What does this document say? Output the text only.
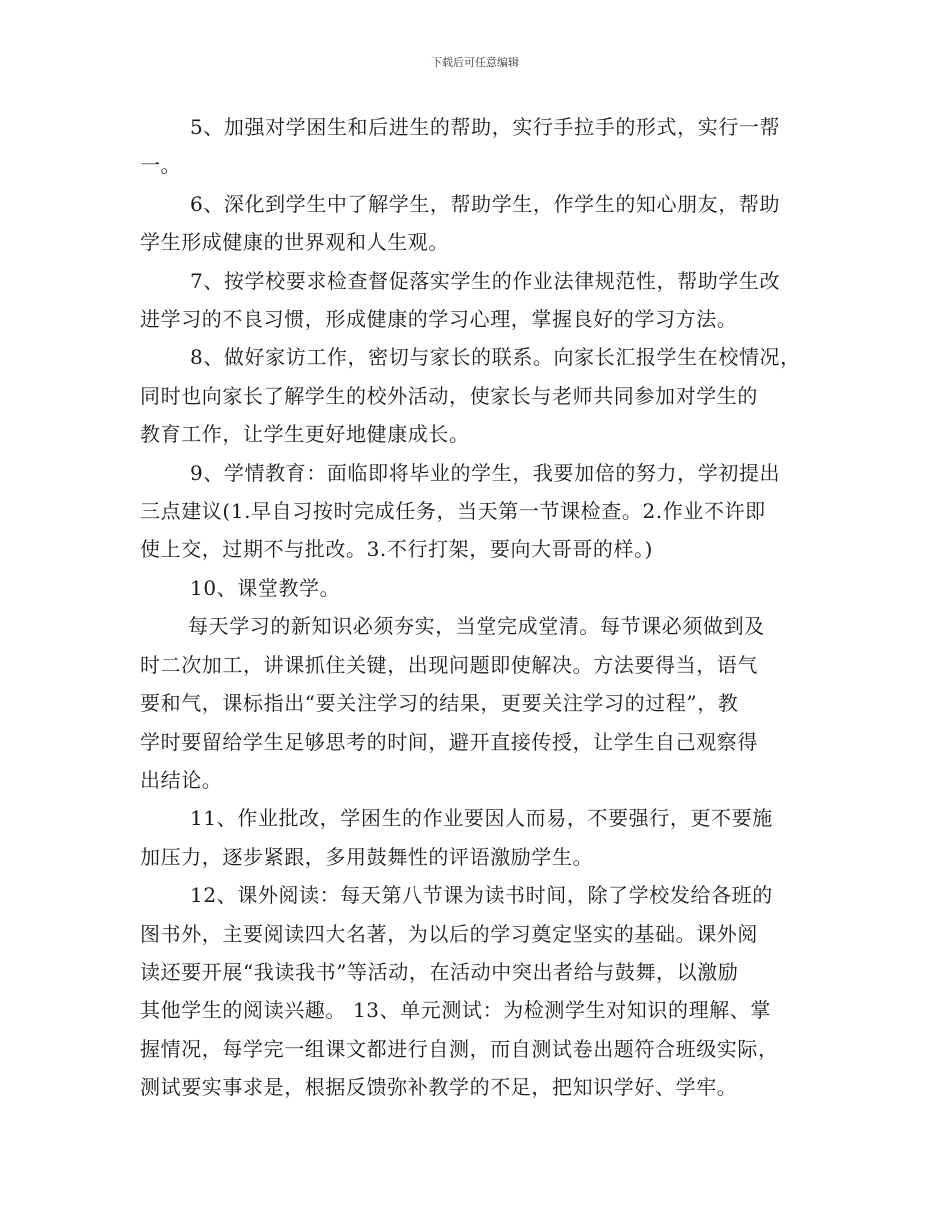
下载后可任意编辑

5、加强对学困生和后进生的帮助，实行手拉手的形式，实行一帮

一。

6、深化到学生中了解学生，帮助学生，作学生的知心朋友，帮助

学生形成健康的世界观和人生观。

7、按学校要求检查督促落实学生的作业法律规范性，帮助学生改

进学习的不良习惯，形成健康的学习心理，掌握良好的学习方法。

8、做好家访工作，密切与家长的联系。向家长汇报学生在校情况，

同时也向家长了解学生的校外活动，使家长与老师共同参加对学生的

教育工作，让学生更好地健康成长。

9、学情教育：面临即将毕业的学生，我要加倍的努力，学初提出

三点建议(1.早自习按时完成任务，当天第一节课检查。2.作业不许即

使上交，过期不与批改。3.不行打架，要向大哥哥的样。)

10、课堂教学。

每天学习的新知识必须夯实，当堂完成堂清。每节课必须做到及

时二次加工，讲课抓住关键，出现问题即使解决。方法要得当，语气

要和气，课标指出“要关注学习的结果，更要关注学习的过程”，教

学时要留给学生足够思考的时间，避开直接传授，让学生自己观察得

出结论。

11、作业批改，学困生的作业要因人而易，不要强行，更不要施

加压力，逐步紧跟，多用鼓舞性的评语激励学生。

12、课外阅读：每天第八节课为读书时间，除了学校发给各班的

图书外，主要阅读四大名著，为以后的学习奠定坚实的基础。课外阅

读还要开展“我读我书”等活动，在活动中突出者给与鼓舞，以激励

其他学生的阅读兴趣。 13、单元测试：为检测学生对知识的理解、掌

握情况，每学完一组课文都进行自测，而自测试卷出题符合班级实际，

测试要实事求是，根据反馈弥补教学的不足，把知识学好、学牢。
